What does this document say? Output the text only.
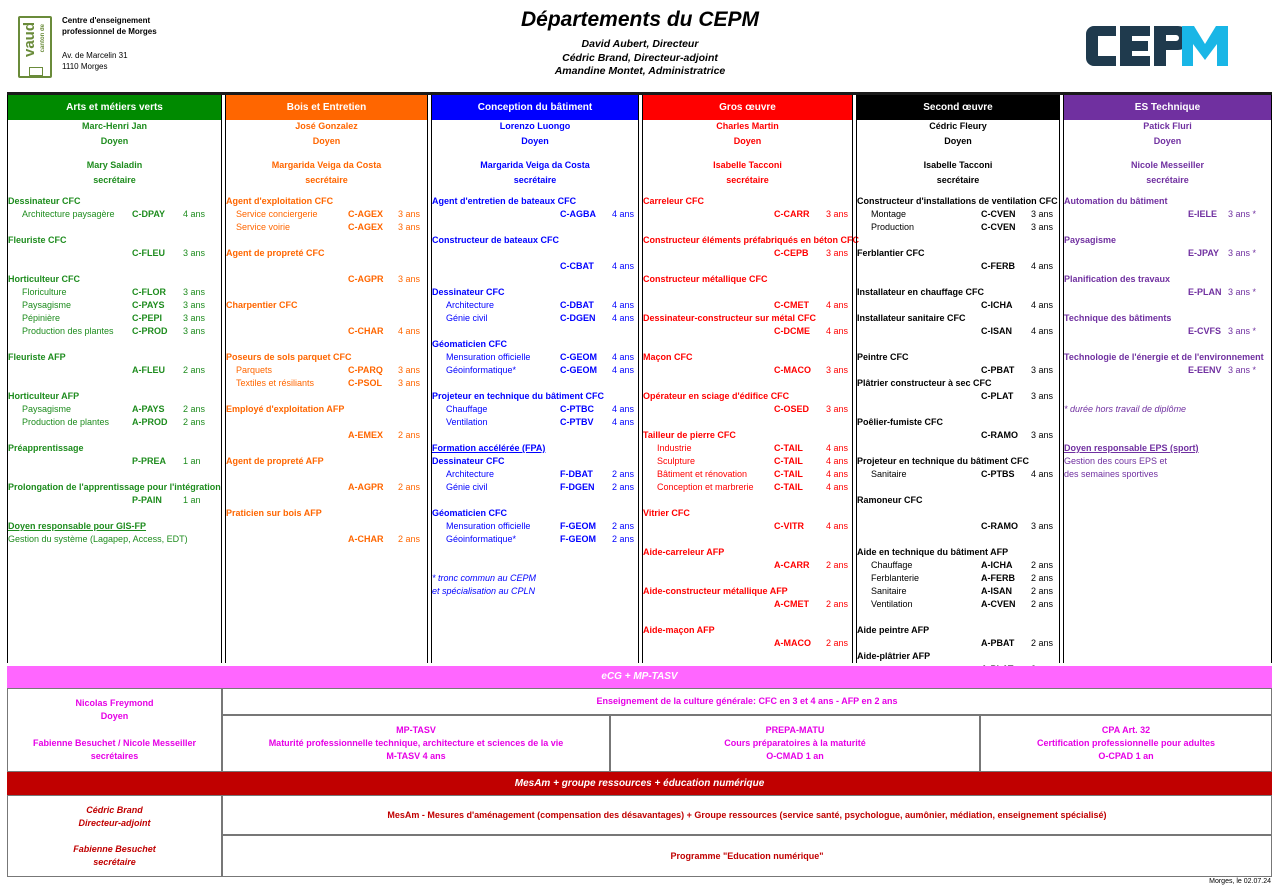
vaud canton de
Centre d'enseignement
professionnel de Morges
Av. de Marcelin 31
1110 Morges
Départements du CEPM
David Aubert, Directeur
Cédric Brand, Directeur-adjoint
Amandine Montet, Administratrice
CEPM
Arts et métiers verts
Marc-Henri Jan
Doyen
Mary Saladin
secrétaire
Dessinateur CFC
Architecture paysagère C-DPAY 4 ans
Fleuriste CFC
C-FLEU 3 ans
Horticulteur CFC
Floriculture	C-FLOR 3 ans
Paysagisme	C-PAYS 3 ans
Pépinière	C-PEPI 3 ans
Production des plantes C-PROD 3 ans
Fleuriste AFP
A-FLEU 2 ans
Horticulteur AFP
Paysagisme	A-PAYS 2 ans
Production de plantes	A-PROD 2 ans
Préapprentissage
P-PREA 1 an
Prolongation de l'apprentissage pour l'intégration
P-PAIN 1 an
Doyen responsable pour GIS-FP
Gestion du système (Lagapep, Access, EDT)
Bois et Entretien
José Gonzalez
Doyen
Margarida Veiga da Costa
secrétaire
Agent d'exploitation CFC
Service conciergerie	C-AGEX 3 ans
Service voirie	C-AGEX 3 ans
Agent de propreté CFC
C-AGPR 3 ans
Charpentier CFC
C-CHAR 4 ans
Poseurs de sols parquet CFC
Parquets	C-PARQ 3 ans
Textiles et résiliants	C-PSOL 3 ans
Employé d'exploitation AFP
A-EMEX 2 ans
Agent de propreté AFP
A-AGPR 2 ans
Praticien sur bois AFP
A-CHAR 2 ans
Conception du bâtiment
Lorenzo Luongo
Doyen
Margarida Veiga da Costa
secrétaire
Agent d'entretien de bateaux CFC
C-AGBA 4 ans
Constructeur de bateaux CFC
C-CBAT 4 ans
Dessinateur CFC
Architecture	C-DBAT 4 ans
Génie civil	C-DGEN 4 ans
Géomaticien CFC
Mensuration officielle	C-GEOM 4 ans
Géoinformatique*	C-GEOM 4 ans
Projeteur en technique du bâtiment CFC
Chauffage	C-PTBC 4 ans
Ventilation	C-PTBV 4 ans
Formation accélérée (FPA)
Dessinateur CFC
Architecture	F-DBAT 2 ans
Génie civil	F-DGEN 2 ans
Géomaticien CFC
Mensuration officielle	F-GEOM 2 ans
Géoinformatique*	F-GEOM 2 ans
* tronc commun au CEPM
et spécialisation au CPLN
Gros œuvre
Charles Martin
Doyen
Isabelle Tacconi
secrétaire
Carreleur CFC
C-CARR 3 ans
Constructeur éléments préfabriqués en béton CFC
C-CEPB 3 ans
Constructeur métallique CFC
C-CMET 4 ans
Dessinateur-constructeur sur métal CFC
C-DCME 4 ans
Maçon CFC
C-MACO 3 ans
Opérateur en sciage d'édifice CFC
C-OSED 3 ans
Tailleur de pierre CFC
Industrie	C-TAIL	4 ans
Sculpture	C-TAIL	4 ans
Bâtiment et rénovation	C-TAIL	4 ans
Conception et marbrerie C-TAIL	4 ans
Vitrier CFC
C-VITR 4 ans
Aide-carreleur AFP
A-CARR 2 ans
Aide-constructeur métallique AFP
A-CMET 2 ans
Aide-maçon AFP
A-MACO 2 ans
Second œuvre
Cédric Fleury
Doyen
Isabelle Tacconi
secrétaire
Constructeur d'installations de ventilation CFC
Montage	C-CVEN 3 ans
Production	C-CVEN 3 ans
Ferblantier CFC
C-FERB 4 ans
Installateur en chauffage CFC
C-ICHA 4 ans
Installateur sanitaire CFC
C-ISAN 4 ans
Peintre CFC
C-PBAT 3 ans
Plâtrier constructeur à sec CFC
C-PLAT 3 ans
Poêlier-fumiste CFC
C-RAMO 3 ans
Projeteur en technique du bâtiment CFC
Sanitaire	C-PTBS 4 ans
Ramoneur CFC
C-RAMO 3 ans
Aide en technique du bâtiment AFP
Chauffage	A-ICHA 2 ans
Ferblanterie	A-FERB 2 ans
Sanitaire	A-ISAN 2 ans
Ventilation	A-CVEN 2 ans
Aide peintre AFP
A-PBAT 2 ans
Aide-plâtrier AFP
ES Technique
Patick Fluri
Doyen
Nicole Messeiller
secrétaire
Automation du bâtiment
E-IELE 3 ans *
Paysagisme
E-JPAY 3 ans *
Planification des travaux
E-PLAN 3 ans *
Technique des bâtiments
E-CVFS 3 ans *
Technologie de l'énergie et de l'environnement
E-EENV 3 ans *
* durée hors travail de diplôme
Doyen responsable EPS (sport)
Gestion des cours EPS et
des semaines sportives
eCG + MP-TASV
Nicolas Freymond
Doyen
Fabienne Besuchet / Nicole Messeiller
secrétaires
Enseignement de la culture générale: CFC en 3 et 4 ans - AFP en 2 ans
MP-TASV
Maturité professionnelle technique, architecture et sciences de la vie
M-TASV 4 ans
PREPA-MATU
Cours préparatoires à la maturité
O-CMAD 1 an
CPA Art. 32
Certification professionnelle pour adultes
O-CPAD 1 an
MesAm + groupe ressources + éducation numérique
Cédric Brand
Directeur-adjoint
Fabienne Besuchet
secrétaire
MesAm - Mesures d'aménagement (compensation des désavantages) + Groupe ressources (service santé, psychologue, aumônier, médiation, enseignement spécialisé)
Programme "Education numérique"
Morges, le 02.07.24
